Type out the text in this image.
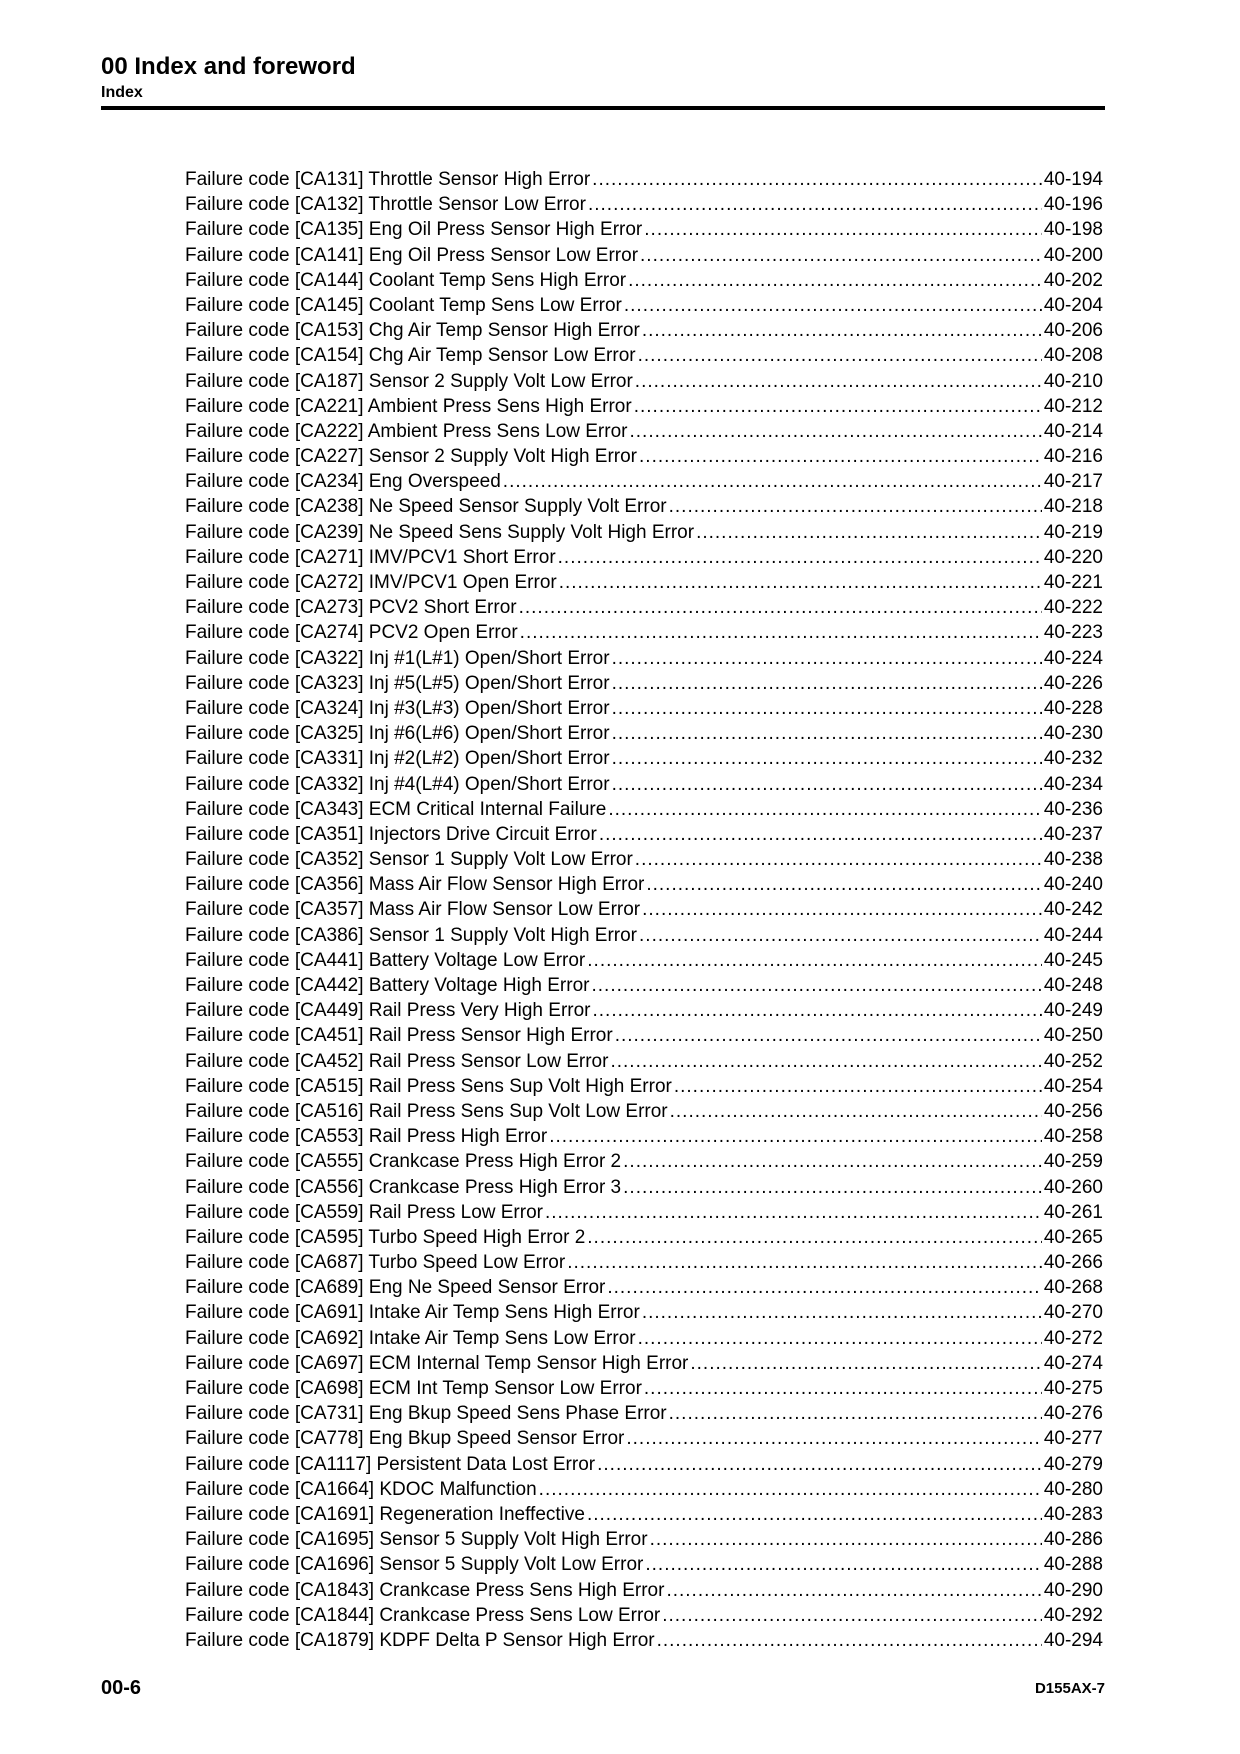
00 Index and foreword
Index
Failure code [CA131] Throttle Sensor High Error .....	40-194
Failure code [CA132] Throttle Sensor Low Error .....	40-196
Failure code [CA135] Eng Oil Press Sensor High Error .....	40-198
Failure code [CA141] Eng Oil Press Sensor Low Error .....	40-200
Failure code [CA144] Coolant Temp Sens High Error .....	40-202
Failure code [CA145] Coolant Temp Sens Low Error .....	40-204
Failure code [CA153] Chg Air Temp Sensor High Error .....	40-206
Failure code [CA154] Chg Air Temp Sensor Low Error .....	40-208
Failure code [CA187] Sensor 2 Supply Volt Low Error .....	40-210
Failure code [CA221] Ambient Press Sens High Error .....	40-212
Failure code [CA222] Ambient Press Sens Low Error .....	40-214
Failure code [CA227] Sensor 2 Supply Volt High Error .....	40-216
Failure code [CA234] Eng Overspeed .....	40-217
Failure code [CA238] Ne Speed Sensor Supply Volt Error .....	40-218
Failure code [CA239] Ne Speed Sens Supply Volt High Error .....	40-219
Failure code [CA271] IMV/PCV1 Short Error .....	40-220
Failure code [CA272] IMV/PCV1 Open Error .....	40-221
Failure code [CA273] PCV2 Short Error .....	40-222
Failure code [CA274] PCV2 Open Error .....	40-223
Failure code [CA322] Inj #1(L#1) Open/Short Error .....	40-224
Failure code [CA323] Inj #5(L#5) Open/Short Error .....	40-226
Failure code [CA324] Inj #3(L#3) Open/Short Error .....	40-228
Failure code [CA325] Inj #6(L#6) Open/Short Error .....	40-230
Failure code [CA331] Inj #2(L#2) Open/Short Error .....	40-232
Failure code [CA332] Inj #4(L#4) Open/Short Error .....	40-234
Failure code [CA343] ECM Critical Internal Failure .....	40-236
Failure code [CA351] Injectors Drive Circuit Error .....	40-237
Failure code [CA352] Sensor 1 Supply Volt Low Error .....	40-238
Failure code [CA356] Mass Air Flow Sensor High Error .....	40-240
Failure code [CA357] Mass Air Flow Sensor Low Error .....	40-242
Failure code [CA386] Sensor 1 Supply Volt High Error .....	40-244
Failure code [CA441] Battery Voltage Low Error .....	40-245
Failure code [CA442] Battery Voltage High Error .....	40-248
Failure code [CA449] Rail Press Very High Error .....	40-249
Failure code [CA451] Rail Press Sensor High Error .....	40-250
Failure code [CA452] Rail Press Sensor Low Error .....	40-252
Failure code [CA515] Rail Press Sens Sup Volt High Error .....	40-254
Failure code [CA516] Rail Press Sens Sup Volt Low Error .....	40-256
Failure code [CA553] Rail Press High Error .....	40-258
Failure code [CA555] Crankcase Press High Error 2 .....	40-259
Failure code [CA556] Crankcase Press High Error 3 .....	40-260
Failure code [CA559] Rail Press Low Error .....	40-261
Failure code [CA595] Turbo Speed High Error 2 .....	40-265
Failure code [CA687] Turbo Speed Low Error .....	40-266
Failure code [CA689] Eng Ne Speed Sensor Error .....	40-268
Failure code [CA691] Intake Air Temp Sens High Error .....	40-270
Failure code [CA692] Intake Air Temp Sens Low Error .....	40-272
Failure code [CA697] ECM Internal Temp Sensor High Error .....	40-274
Failure code [CA698] ECM Int Temp Sensor Low Error .....	40-275
Failure code [CA731] Eng Bkup Speed Sens Phase Error .....	40-276
Failure code [CA778] Eng Bkup Speed Sensor Error .....	40-277
Failure code [CA1117] Persistent Data Lost Error .....	40-279
Failure code [CA1664] KDOC Malfunction .....	40-280
Failure code [CA1691] Regeneration Ineffective .....	40-283
Failure code [CA1695] Sensor 5 Supply Volt High Error .....	40-286
Failure code [CA1696] Sensor 5 Supply Volt Low Error .....	40-288
Failure code [CA1843] Crankcase Press Sens High Error .....	40-290
Failure code [CA1844] Crankcase Press Sens Low Error .....	40-292
Failure code [CA1879] KDPF Delta P Sensor High Error .....	40-294
00-6	D155AX-7
